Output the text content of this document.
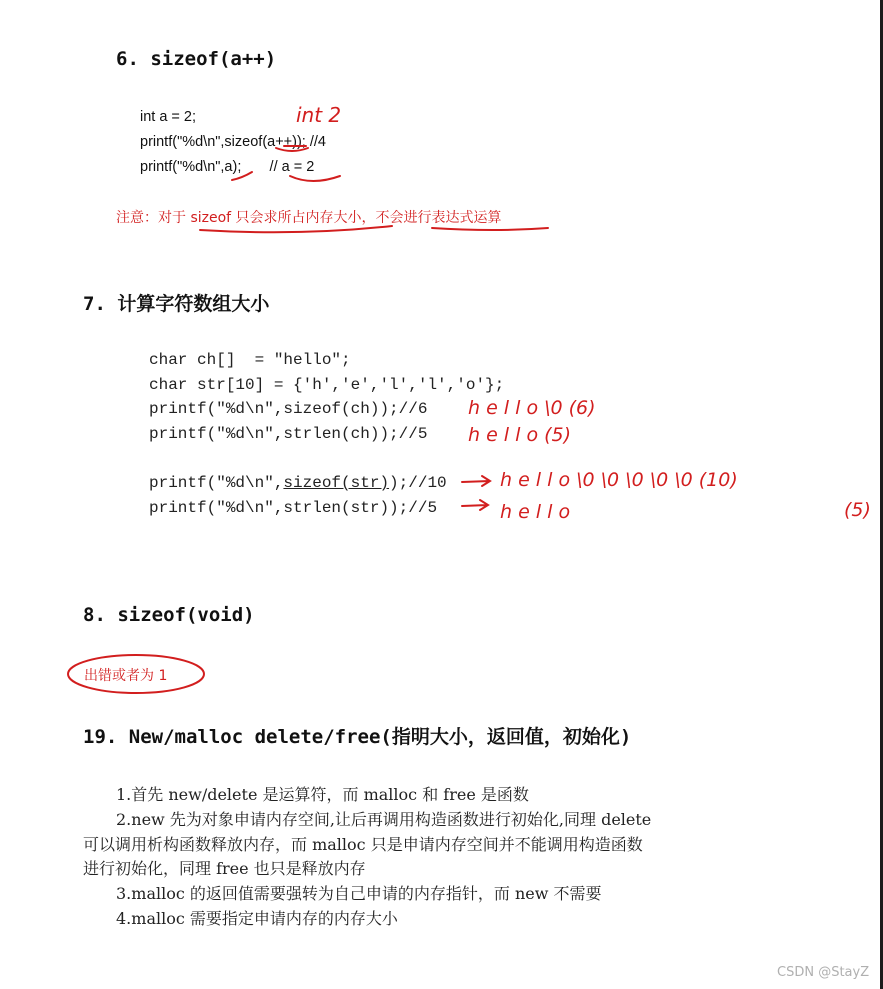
6. sizeof(a++)
int a = 2;
printf("%d\n",sizeof(a++)); //4
printf("%d\n",a);       // a = 2
注意：对于 sizeof 只会求所占内存大小，不会进行表达式运算
7. 计算字符数组大小
char ch[]  = "hello";
char str[10] = {'h','e','l','l','o'};
printf("%d\n",sizeof(ch));//6
printf("%d\n",strlen(ch));//5
printf("%d\n",sizeof(str));//10
printf("%d\n",strlen(str));//5
8. sizeof(void)
出错或者为 1
19. New/malloc delete/free(指明大小，返回值，初始化)
1.首先 new/delete 是运算符，而 malloc 和 free 是函数
2.new 先为对象申请内存空间,让后再调用构造函数进行初始化,同理 delete
可以调用析构函数释放内存，而 malloc 只是申请内存空间并不能调用构造函数
进行初始化，同理 free 也只是释放内存
3.malloc 的返回值需要强转为自己申请的内存指针，而 new 不需要
4.malloc 需要指定申请内存的内存大小
CSDN @StayZ
int 2
h e l l o \0 (6)
h e l l o (5)
h e l l o \0 \0 \0 \0 \0 (10)
h e l l o	(5)
